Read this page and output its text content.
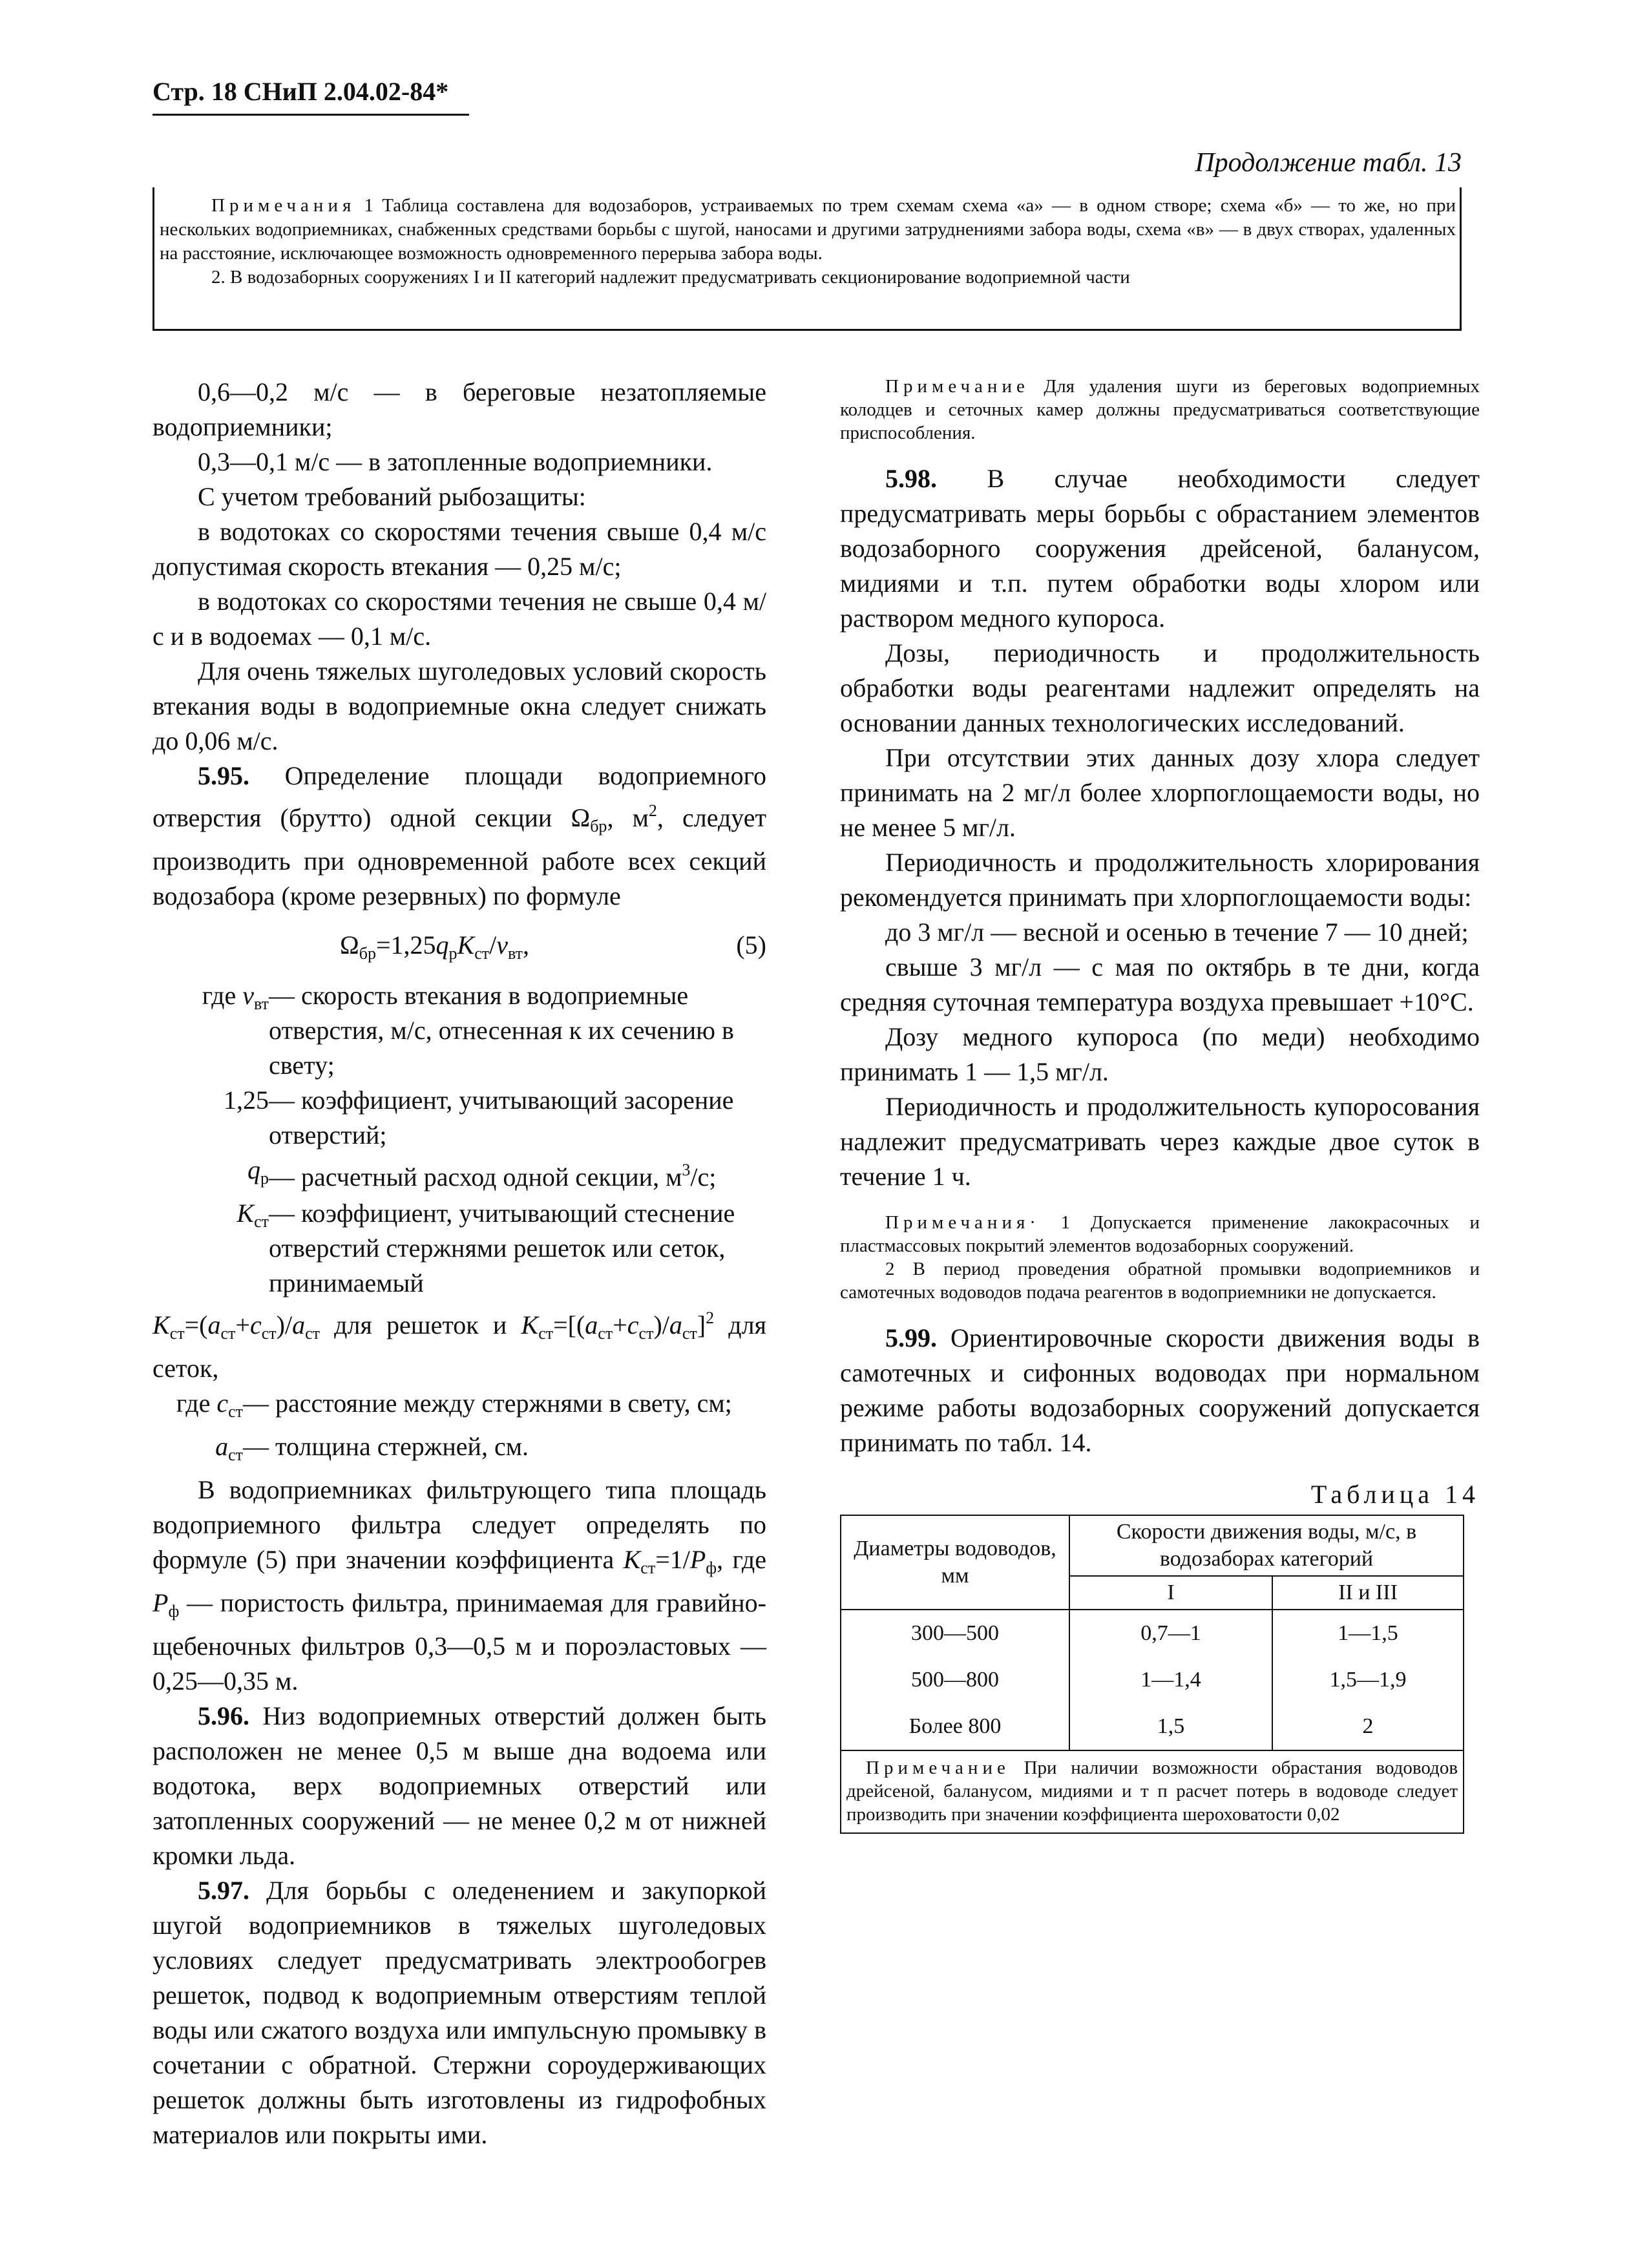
Стр. 18 СНиП 2.04.02-84*
Продолжение табл. 13

Примечания 1 Таблица составлена для водозаборов, устраиваемых по трем схемам схема «а» — в одном створе; схема «б» — то же, но при нескольких водоприемниках, снабженных средствами борьбы с шугой, наносами и другими затруднениями забора воды, схема «в» — в двух створах, удаленных на расстояние, исключающее возможность одновременного перерыва забора воды.

2. В водозаборных сооружениях I и II категорий надлежит предусматривать секционирование водоприемной части

0,6—0,2 м/с — в береговые незатопляемые водоприемники;

0,3—0,1 м/с — в затопленные водоприемники.

С учетом требований рыбозащиты:

в водотоках со скоростями течения свыше 0,4 м/с допустимая скорость втекания — 0,25 м/с;

в водотоках со скоростями течения не свыше 0,4 м/с и в водоемах — 0,1 м/с.

Для очень тяжелых шуголедовых условий скорость втекания воды в водоприемные окна следует снижать до 0,06 м/с.

5.95. Определение площади водоприемного отверстия (брутто) одной секции $\Omega_{бр}$, $м^2$, следует производить при одновременной работе всех секций водозабора (кроме резервных) по формуле

$\Omega_{бр}=1,25q_рK_{ст}/v_{вт}$,	(5)
где $v_{вт}$ — скорость втекания в водоприемные отверстия, м/с, отнесенная к их сечению в свету;
1,25 — коэффициент, учитывающий засорение отверстий;
$q_р$ — расчетный расход одной секции, $м^3/с$;
$K_{ст}$ — коэффициент, учитывающий стеснение отверстий стержнями решеток или сеток, принимаемый

$K_{ст}=(a_{ст}+c_{ст})/a_{ст}$ для решеток и $K_{ст}=[(a_{ст}+c_{ст})/a_{ст}]^2$ для сеток,

где $c_{ст}$ — расстояние между стержнями в свету, см;
$a_{ст}$ — толщина стержней, см.

В водоприемниках фильтрующего типа площадь водоприемного фильтра следует определять по формуле (5) при значении коэффициента $K_{ст}=1/P_ф$, где $P_ф$ — пористость фильтра, принимаемая для гравийно-щебеночных фильтров 0,3—0,5 м и пороэластовых — 0,25—0,35 м.

5.96. Низ водоприемных отверстий должен быть расположен не менее 0,5 м выше дна водоема или водотока, верх водоприемных отверстий или затопленных сооружений — не менее 0,2 м от нижней кромки льда.

5.97. Для борьбы с оледенением и закупоркой шугой водоприемников в тяжелых шуголедовых условиях следует предусматривать электрообогрев решеток, подвод к водоприемным отверстиям теплой воды или сжатого воздуха или импульсную промывку в сочетании с обратной. Стержни сороудерживающих решеток должны быть изготовлены из гидрофобных материалов или покрыты ими.

Примечание Для удаления шуги из береговых водоприемных колодцев и сеточных камер должны предусматриваться соответствующие приспособления.

5.98. В случае необходимости следует предусматривать меры борьбы с обрастанием элементов водозаборного сооружения дрейсеной, баланусом, мидиями и т.п. путем обработки воды хлором или раствором медного купороса.

Дозы, периодичность и продолжительность обработки воды реагентами надлежит определять на основании данных технологических исследований.

При отсутствии этих данных дозу хлора следует принимать на 2 мг/л более хлорпоглощаемости воды, но не менее 5 мг/л.

Периодичность и продолжительность хлорирования рекомендуется принимать при хлорпоглощаемости воды:

до 3 мг/л — весной и осенью в течение 7 — 10 дней;

свыше 3 мг/л — с мая по октябрь в те дни, когда средняя суточная температура воздуха превышает +10°С.

Дозу медного купороса (по меди) необходимо принимать 1 — 1,5 мг/л.

Периодичность и продолжительность купоросования надлежит предусматривать через каждые двое суток в течение 1 ч.

Примечания· 1 Допускается применение лакокрасочных и пластмассовых покрытий элементов водозаборных сооружений.

2 В период проведения обратной промывки водоприемников и самотечных водоводов подача реагентов в водоприемники не допускается.

5.99. Ориентировочные скорости движения воды в самотечных и сифонных водоводах при нормальном режиме работы водозаборных сооружений допускается принимать по табл. 14.

Таблица 14
Диаметры водоводов, мм	Скорости движения воды, м/с, в водозаборах категорий	
	I	II и III
300—500	0,7—1	1—1,5
500—800	1—1,4	1,5—1,9
Более 800	1,5	2
Примечание При наличии возможности обрастания водоводов дрейсеной, баланусом, мидиями и т п расчет потерь в водоводе следует производить при значении коэффициента шероховатости 0,02		
